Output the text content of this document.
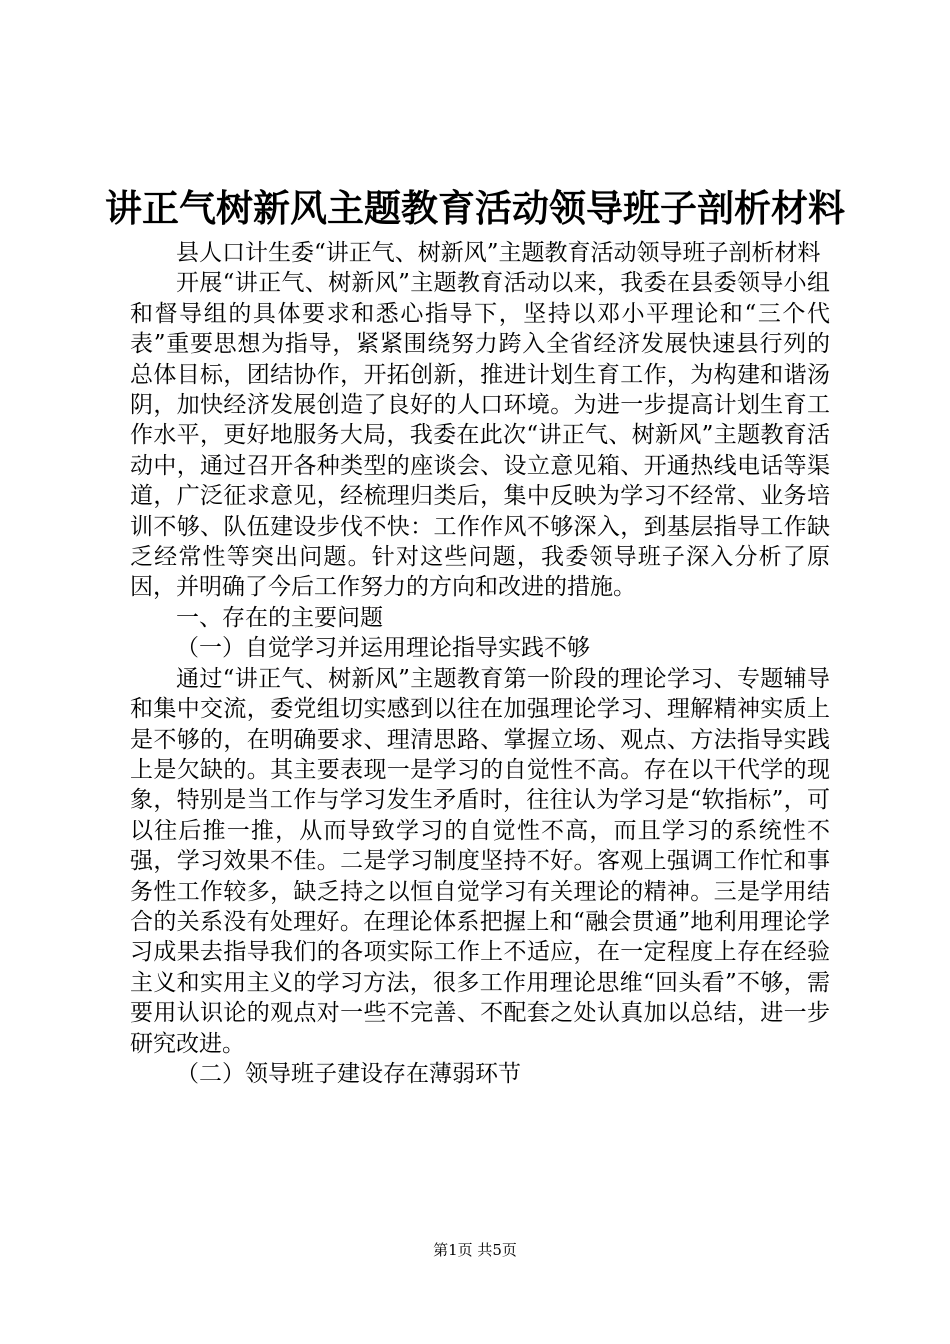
讲正气树新风主题教育活动领导班子剖析材料

县人口计生委“讲正气、树新风”主题教育活动领导班子剖析材料

开展“讲正气、树新风”主题教育活动以来，我委在县委领导小组和督导组的具体要求和悉心指导下，坚持以邓小平理论和“三个代表”重要思想为指导，紧紧围绕努力跨入全省经济发展快速县行列的总体目标，团结协作，开拓创新，推进计划生育工作，为构建和谐汤阴，加快经济发展创造了良好的人口环境。为进一步提高计划生育工作水平，更好地服务大局，我委在此次“讲正气、树新风”主题教育活动中，通过召开各种类型的座谈会、设立意见箱、开通热线电话等渠道，广泛征求意见，经梳理归类后，集中反映为学习不经常、业务培训不够、队伍建设步伐不快：工作作风不够深入，到基层指导工作缺乏经常性等突出问题。针对这些问题，我委领导班子深入分析了原因，并明确了今后工作努力的方向和改进的措施。

一、存在的主要问题

（一）自觉学习并运用理论指导实践不够

通过“讲正气、树新风”主题教育第一阶段的理论学习、专题辅导和集中交流，委党组切实感到以往在加强理论学习、理解精神实质上是不够的，在明确要求、理清思路、掌握立场、观点、方法指导实践上是欠缺的。其主要表现一是学习的自觉性不高。存在以干代学的现象，特别是当工作与学习发生矛盾时，往往认为学习是“软指标”，可以往后推一推，从而导致学习的自觉性不高，而且学习的系统性不强，学习效果不佳。二是学习制度坚持不好。客观上强调工作忙和事务性工作较多，缺乏持之以恒自觉学习有关理论的精神。三是学用结合的关系没有处理好。在理论体系把握上和“融会贯通”地利用理论学习成果去指导我们的各项实际工作上不适应，在一定程度上存在经验主义和实用主义的学习方法，很多工作用理论思维“回头看”不够，需要用认识论的观点对一些不完善、不配套之处认真加以总结，进一步研究改进。

（二）领导班子建设存在薄弱环节

第1页 共5页
